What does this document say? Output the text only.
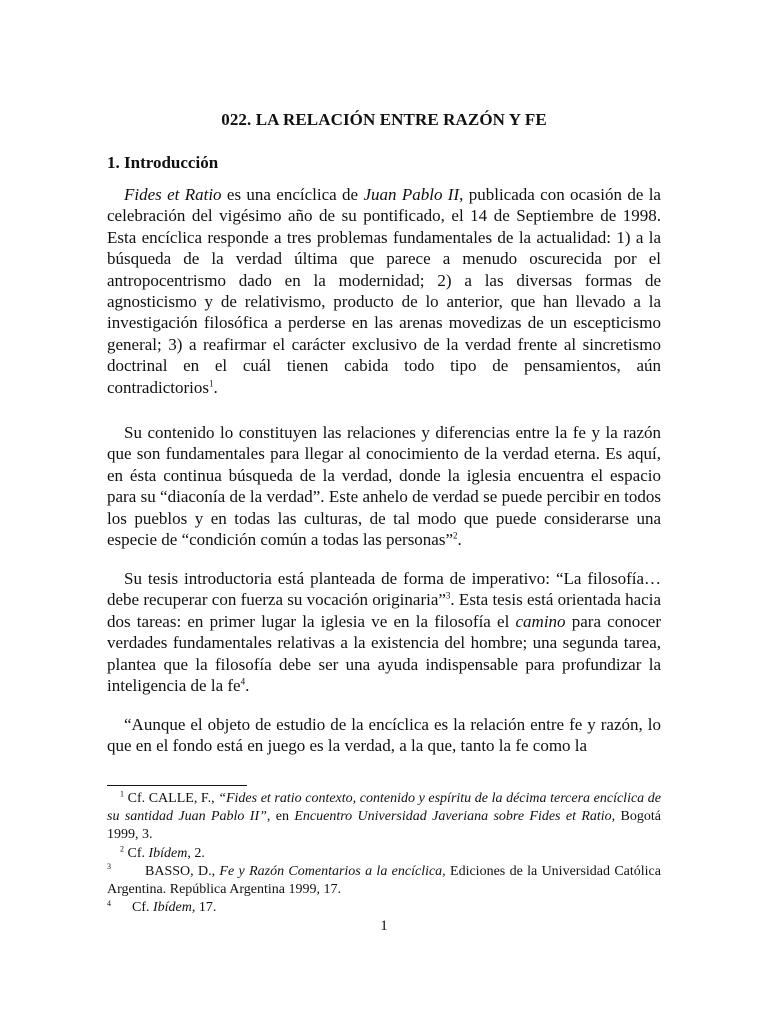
022. LA RELACIÓN ENTRE RAZÓN Y FE
1. Introducción

Fides et Ratio es una encíclica de Juan Pablo II, publicada con ocasión de la celebración del vigésimo año de su pontificado, el 14 de Septiembre de 1998. Esta encíclica responde a tres problemas fundamentales de la actualidad: 1) a la búsqueda de la verdad última que parece a menudo oscurecida por el antropocentrismo dado en la modernidad; 2) a las diversas formas de agnosticismo y de relativismo, producto de lo anterior, que han llevado a la investigación filosófica a perderse en las arenas movedizas de un escepticismo general; 3) a reafirmar el carácter exclusivo de la verdad frente al sincretismo doctrinal en el cuál tienen cabida todo tipo de pensamientos, aún contradictorios$^1$.

Su contenido lo constituyen las relaciones y diferencias entre la fe y la razón que son fundamentales para llegar al conocimiento de la verdad eterna. Es aquí, en ésta continua búsqueda de la verdad, donde la iglesia encuentra el espacio para su “diaconía de la verdad”. Este anhelo de verdad se puede percibir en todos los pueblos y en todas las culturas, de tal modo que puede considerarse una especie de “condición común a todas las personas”$^2$.

Su tesis introductoria está planteada de forma de imperativo: “La filosofía… debe recuperar con fuerza su vocación originaria”$^3$. Esta tesis está orientada hacia dos tareas: en primer lugar la iglesia ve en la filosofía el camino para conocer verdades fundamentales relativas a la existencia del hombre; una segunda tarea, plantea que la filosofía debe ser una ayuda indispensable para profundizar la inteligencia de la $fe^4$.

“Aunque el objeto de estudio de la encíclica es la relación entre fe y razón, lo que en el fondo está en juego es la verdad, a la que, tanto la fe como la

$^1$ Cf. CALLE, F., “Fides et ratio contexto, contenido y espíritu de la décima tercera encíclica de su santidad Juan Pablo II”, en Encuentro Universidad Javeriana sobre Fides et Ratio, Bogotá 1999, 3.

$^2$ Cf. Ibídem, 2.

3 BASSO, D., Fe y Razón Comentarios a la encíclica, Ediciones de la Universidad Católica Argentina. República Argentina 1999, 17.

4 Cf. Ibídem, 17.

1
